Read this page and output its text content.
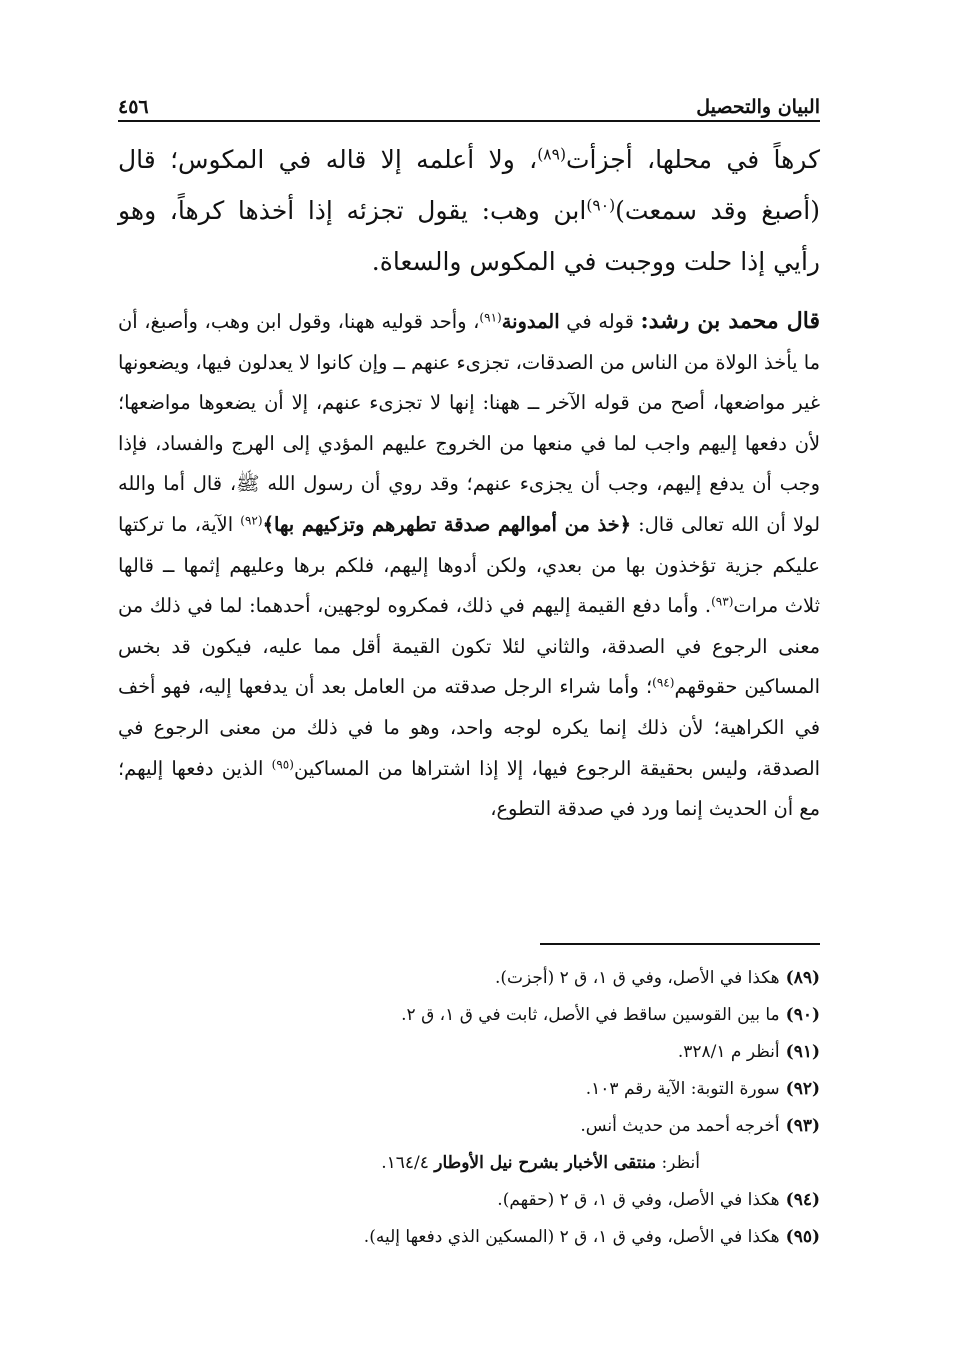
البيان والتحصيل
٤٥٦

كرهاً في محلها، أجزأت$^{(٨٩)}$، ولا أعلمه إلا قاله في المكوس؛ قال (أصبغ وقد سمعت)$^{(٩٠)}$ابن وهب: يقول تجزئه إذا أخذها كرهاً، وهو رأيي إذا حلت ووجبت في المكوس والسعاة.

قال محمد بن رشد: قوله في المدونة$^{(٩١)}$، وأحد قوليه ههنا، وقول ابن وهب، وأصبغ، أن ما يأخذ الولاة من الناس من الصدقات، تجزىء عنهم ــ وإن كانوا لا يعدلون فيها، ويضعونها غير مواضعها، أصح من قوله الآخر ــ ههنا: إنها لا تجزىء عنهم، إلا أن يضعوها مواضعها؛ لأن دفعها إليهم واجب لما في منعها من الخروج عليهم المؤدي إلى الهرج والفساد، فإذا وجب أن يدفع إليهم، وجب أن يجزىء عنهم؛ وقد روي أن رسول الله ﷺ، قال أما والله لولا أن الله تعالى قال: ﴿خذ من أموالهم صدقة تطهرهم وتزكيهم بها﴾$^{(٩٢)}$ الآية، ما تركتها عليكم جزية تؤخذون بها من بعدي، ولكن أدوها إليهم، فلكم برها وعليهم إثمها ــ قالها ثلاث مرات$^{(٩٣)}$. وأما دفع القيمة إليهم في ذلك، فمكروه لوجهين، أحدهما: لما في ذلك من معنى الرجوع في الصدقة، والثاني لئلا تكون القيمة أقل مما عليه، فيكون قد بخس المساكين حقوقهم$^{(٩٤)}$؛ وأما شراء الرجل صدقته من العامل بعد أن يدفعها إليه، فهو أخف في الكراهية؛ لأن ذلك إنما يكره لوجه واحد، وهو ما في ذلك من معنى الرجوع في الصدقة، وليس بحقيقة الرجوع فيها، إلا إذا اشتراها من المساكين$^{(٩٥)}$ الذين دفعها إليهم؛ مع أن الحديث إنما ورد في صدقة التطوع،

(٨٩)هكذا في الأصل، وفي ق ١، ق ٢ (أجزت).

(٩٠)ما بين القوسين ساقط في الأصل، ثابت في ق ١، ق ٢.

(٩١)أنظر م ٣٢٨/١.

(٩٢)سورة التوبة: الآية رقم ١٠٣.

(٩٣)أخرجه أحمد من حديث أنس.

أنظر: منتقى الأخبار بشرح نيل الأوطار ١٦٤/٤.

(٩٤)هكذا في الأصل، وفي ق ١، ق ٢ (حقهم).

(٩٥)هكذا في الأصل، وفي ق ١، ق ٢ (المسكين الذي دفعها إليه).
